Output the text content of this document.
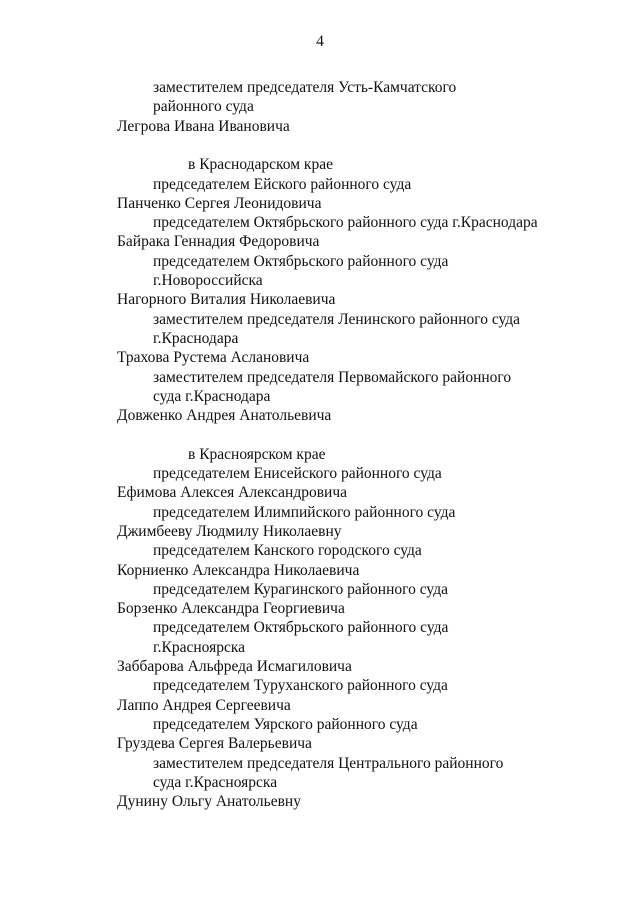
4
заместителем председателя Усть-Камчатского
районного суда
Легрова Ивана Ивановича
в Краснодарском крае
председателем Ейского районного суда
Панченко Сергея Леонидовича
председателем Октябрьского районного суда г.Краснодара
Байрака Геннадия Федоровича
председателем Октябрьского районного суда
г.Новороссийска
Нагорного Виталия Николаевича
заместителем председателя Ленинского районного суда
г.Краснодара
Трахова Рустема Аслановича
заместителем председателя Первомайского районного
суда г.Краснодара
Довженко Андрея Анатольевича
в Красноярском крае
председателем Енисейского районного суда
Ефимова Алексея Александровича
председателем Илимпийского районного суда
Джимбееву Людмилу Николаевну
председателем Канского городского суда
Корниенко Александра Николаевича
председателем Курагинского районного суда
Борзенко Александра Георгиевича
председателем Октябрьского районного суда
г.Красноярска
Заббарова Альфреда Исмагиловича
председателем Туруханского районного суда
Лаппо Андрея Сергеевича
председателем Уярского районного суда
Груздева Сергея Валерьевича
заместителем председателя Центрального районного
суда г.Красноярска
Дунину Ольгу Анатольевну
